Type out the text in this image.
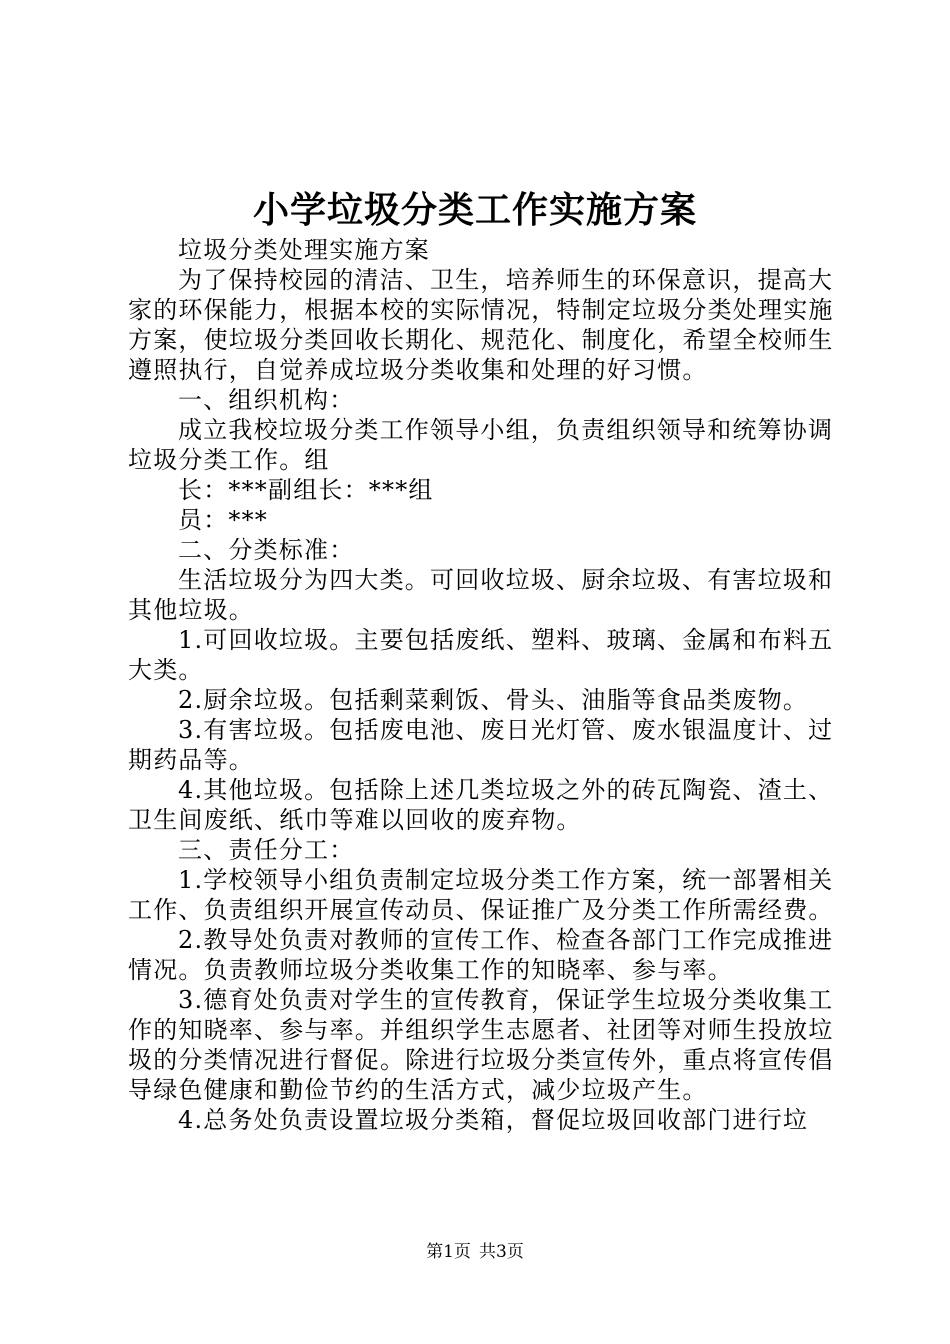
小学垃圾分类工作实施方案

垃圾分类处理实施方案

为了保持校园的清洁、卫生，培养师生的环保意识，提高大家的环保能力，根据本校的实际情况，特制定垃圾分类处理实施方案，使垃圾分类回收长期化、规范化、制度化，希望全校师生遵照执行，自觉养成垃圾分类收集和处理的好习惯。

一、组织机构：

成立我校垃圾分类工作领导小组，负责组织领导和统筹协调垃圾分类工作。组

长：***副组长：***组

员：***

二、分类标准：

生活垃圾分为四大类。可回收垃圾、厨余垃圾、有害垃圾和其他垃圾。

1.可回收垃圾。主要包括废纸、塑料、玻璃、金属和布料五大类。

2.厨余垃圾。包括剩菜剩饭、骨头、油脂等食品类废物。

3.有害垃圾。包括废电池、废日光灯管、废水银温度计、过期药品等。

4.其他垃圾。包括除上述几类垃圾之外的砖瓦陶瓷、渣土、卫生间废纸、纸巾等难以回收的废弃物。

三、责任分工：

1.学校领导小组负责制定垃圾分类工作方案，统一部署相关工作、负责组织开展宣传动员、保证推广及分类工作所需经费。

2.教导处负责对教师的宣传工作、检查各部门工作完成推进情况。负责教师垃圾分类收集工作的知晓率、参与率。

3.德育处负责对学生的宣传教育，保证学生垃圾分类收集工作的知晓率、参与率。并组织学生志愿者、社团等对师生投放垃圾的分类情况进行督促。除进行垃圾分类宣传外，重点将宣传倡导绿色健康和勤俭节约的生活方式，减少垃圾产生。

4.总务处负责设置垃圾分类箱，督促垃圾回收部门进行垃

第1页 共3页
